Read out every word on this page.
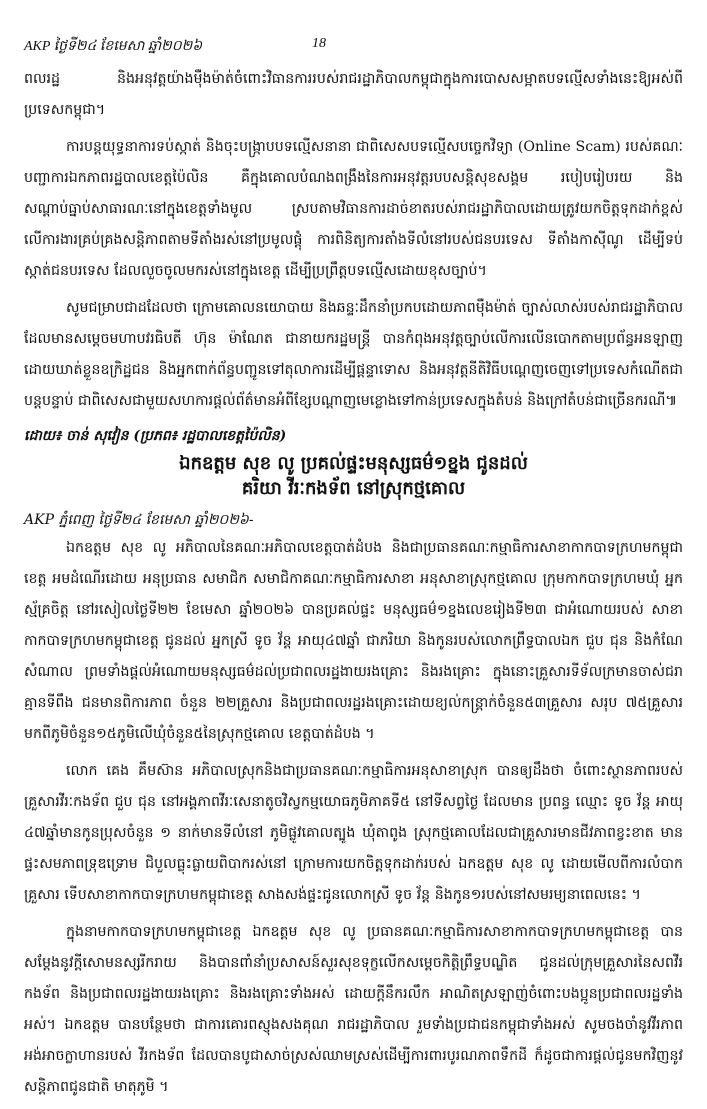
AKP ថ្ងៃទី២៤ ខែមេសា ឆ្នាំ២០២៦	18

ពលរដ្ឋ និងអនុវត្តយ៉ាងម៉ឺងម៉ាត់ចំពោះវិធានការរបស់រាជរដ្ឋាភិបាលកម្ពុជាក្នុងការបោសសម្អាតបទល្មើសទាំងនេះឱ្យអស់ពីប្រទេសកម្ពុជា។

ការបន្តយុទ្ធនាការទប់ស្កាត់ និងចុះបង្ក្រាបបទល្មើសនានា ជាពិសេសបទល្មើសបច្ចេកវិទ្យា (Online Scam) របស់គណៈបញ្ជាការឯកភាពរដ្ឋបាលខេត្តប៉ៃលិន គឺក្នុងគោលបំណងពង្រឹងនៃការអនុវត្តរបបសន្តិសុខសង្គម របៀបរៀបរយ និងសណ្តាប់ធ្នាប់សាធារណៈនៅក្នុងខេត្តទាំងមូល ស្របតាមវិធានការដាច់ខាតរបស់រាជរដ្ឋាភិបាលដោយត្រូវយកចិត្តទុកដាក់ខ្ពស់លើការងារគ្រប់គ្រងសន្តិភាពតាមទីតាំងរស់នៅប្រមូលផ្តុំ ការពិនិត្យការតាំងទីលំនៅរបស់ជនបរទេស ទីតាំងកាស៊ីណូ ដើម្បីទប់ស្កាត់ជនបរទេស ដែលលួចចូលមករស់នៅក្នុងខេត្ត ដើម្បីប្រព្រឹត្តបទល្មើសដោយខុសច្បាប់។

សូមជម្រាបជាដដែលថា ក្រោមគោលនយោបាយ និងឆន្ទៈដឹកនាំប្រកបដោយភាពម៉ឺងម៉ាត់ ច្បាស់លាស់របស់រាជរដ្ឋាភិបាល ដែលមានសម្តេចមហាបវរធិបតី ហ៊ុន ម៉ាណែត ជានាយករដ្ឋមន្ត្រី បានកំពុងអនុវត្តច្បាប់លើការលើនបោកតាមប្រព័ន្ធអនឡាញដោយឃាត់ខ្លួនឧក្រិដ្ឋជន និងអ្នកពាក់ព័ន្ធបញ្ជូនទៅតុលាការដើម្បីផ្តន្ទាទោស និងអនុវត្តនីតិវិធីបណ្តេញចេញទៅប្រទេសកំណើតជាបន្តបន្ទាប់ ជាពិសេសជាមួយសហការផ្តល់ព័ត៌មានអំពីខ្សែបណ្តាញមេខ្លោងទៅកាន់ប្រទេសក្នុងតំបន់ និងក្រៅតំបន់ជាច្រើនករណី៕

ដោយ៖ ចាន់ សុវៀន (ប្រភព៖ រដ្ឋបាលខេត្តប៉ៃលិន)
ឯកឧត្តម សុខ លូ ប្រគល់ផ្ទះមនុស្សធម៌១ខ្នង ជូនដល់
គរិយា វីរៈកងទ័ព នៅស្រុកថ្មគោល
AKP ភ្នំពេញ ថ្ងៃទី២៤ ខែមេសា ឆ្នាំ២០២៦-

ឯកឧត្តម សុខ លូ អភិបាលនៃគណៈអភិបាលខេត្តបាត់ដំបង និងជាប្រធានគណៈកម្មាធិការសាខាកាកបាទក្រហមកម្ពុជាខេត្ត អមដំណើរដោយ អនុប្រធាន សមាជិក សមាជិកាគណៈកម្មាធិការសាខា អនុសាខាស្រុកថ្មគោល ក្រុមកាកបាទក្រហមឃុំ អ្នកស្ម័គ្រចិត្ត នៅរសៀលថ្ងៃទី២២ ខែមេសា ឆ្នាំ២០២៦ បានប្រគល់ផ្ទះ មនុស្សធម៌១ខ្នងលេខរៀងទី២៣ ជាអំណោយរបស់ សាខាកាកបាទក្រហមកម្ពុជាខេត្ត ជូនដល់ អ្នកស្រី ទូច វ័ន្ត អាយុ៤៧ឆ្នាំ ជាភរិយា និងកូនរបស់លោកព្រឹទ្ធបាលឯក ជួប ជុន និងកំណែសំណាល ព្រមទាំងផ្តល់អំណោយមនុស្សធម៌ដល់ប្រជាពលរដ្ឋងាយរងគ្រោះ និងរងគ្រោះ ក្នុងនោះគ្រួសារទីទ័លក្រមានចាស់ជរាគ្មានទីពឹង ជនមានពិការភាព ចំនួន ២២គ្រួសារ និងប្រជាពលរដ្ឋរងគ្រោះដោយខ្យល់កន្ត្រាក់ចំនួន៥៣គ្រួសារ សរុប ៧៥គ្រួសារ មកពីភូមិចំនួន១៥ភូមិលើឃុំចំនួន៥នៃស្រុកថ្មគោល ខេត្តបាត់ដំបង ។

លោក គេង គឹមស៊ាន អភិបាលស្រុកនិងជាប្រធានគណៈកម្មាធិការអនុសាខាស្រុក បានឲ្យដឹងថា ចំពោះស្ថានភាពរបស់គ្រួសារវីរៈកងទ័ព ជួប ជុន នៅអង្គភាពវីរៈសេនាតូចវិស្វកម្មយោធភូមិភាគទី៥ នៅទីសព្វថ្ងៃ ដែលមាន ប្រពន្ធ ឈ្មោះ ទូច វ័ន្ត អាយុ ៤៧ឆ្នាំមានកូនប្រុសចំនួន ១ នាក់មានទីលំនៅ ភូមិផ្លូវគោលត្បូង ឃុំតាពូង ស្រុកថ្មគោលដែលជាគ្រួសារមានជីវភាពខ្វះខាត មានផ្ទះសមភាពទ្រុឌទ្រោម ជិបួលធ្លុះធ្លាយពិបាករស់នៅ ក្រោមការយកចិត្តទុកដាក់របស់ ឯកឧត្តម សុខ លូ ដោយមើលពីការលំបាកគ្រួសារ ទើបសាខាកាកបាទក្រហមកម្ពុជាខេត្ត សាងសង់ផ្ទះជូនលោកស្រី ទូច វ័ន្ត និងកូន១របស់នៅសមរម្យនាពេលនេះ ។

ក្នុងនាមកាកបាទក្រហមកម្ពុជាខេត្ត ឯកឧត្តម សុខ លូ ប្រធានគណៈកម្មាធិការសាខាកាកបាទក្រហមកម្ពុជាខេត្ត បានសម្តែងនូវក្តីសោមនស្សរីករាយ និងបានពាំនាំប្រសាសន៍សួរសុខទុក្ខលើកសម្តេចកិត្តិព្រឹទ្ធបណ្ឌិត ជូនដល់ក្រុមគ្រួសារនៃសពវីរកងទ័ព និងប្រជាពលរដ្ឋងាយរងគ្រោះ និងរងគ្រោះទាំងអស់ ដោយក្តីនឹករលឹក អាណិតស្រឡាញ់ចំពោះបងប្អូនប្រជាពលរដ្ឋទាំងអស់។ ឯកឧត្តម បានបន្ថែមថា ជាការគោរពស្ញុងសងគុណ រាជរដ្ឋាភិបាល រួមទាំងប្រជាជនកម្ពុជាទាំងអស់ សូមចងចាំនូវវីរភាពអង់អាចក្លាហានរបស់ វីរកងទ័ព ដែលបានបូជាសាច់ស្រស់ឈាមស្រស់ដើម្បីការពារបូរណភាពទឹកដី ក៏ដូចជាការផ្តល់ជូនមកវិញនូវសន្តិភាពជូនជាតិ មាតុភូមិ ។
